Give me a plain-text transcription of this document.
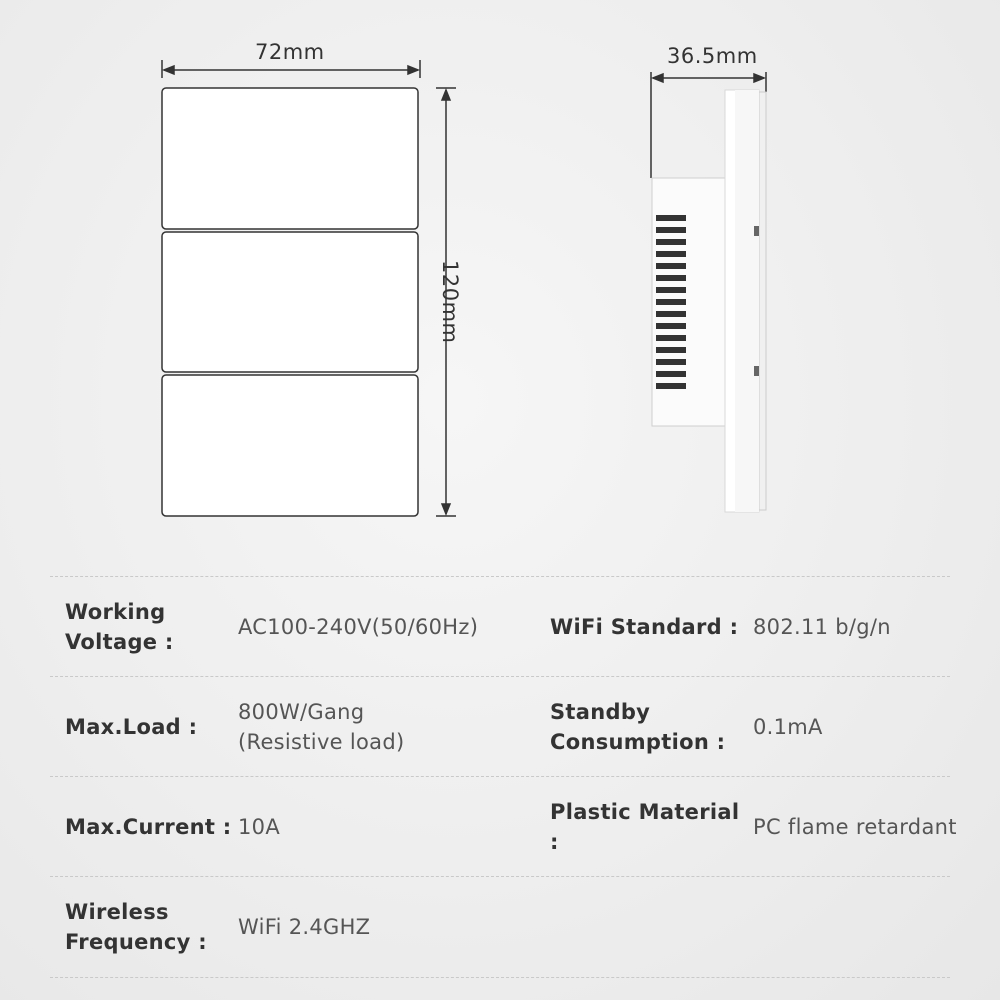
72mm
120mm
36.5mm
Working
Voltage :
AC100-240V(50/60Hz)	WiFi Standard : 802.11 b/g/n
Max.Load :
800W/Gang
(Resistive load)
Standby
Consumption :
0.1mA
Max.Current : 10A
Plastic Material :
PC flame retardant
Wireless
Frequency :
WiFi 2.4GHZ
